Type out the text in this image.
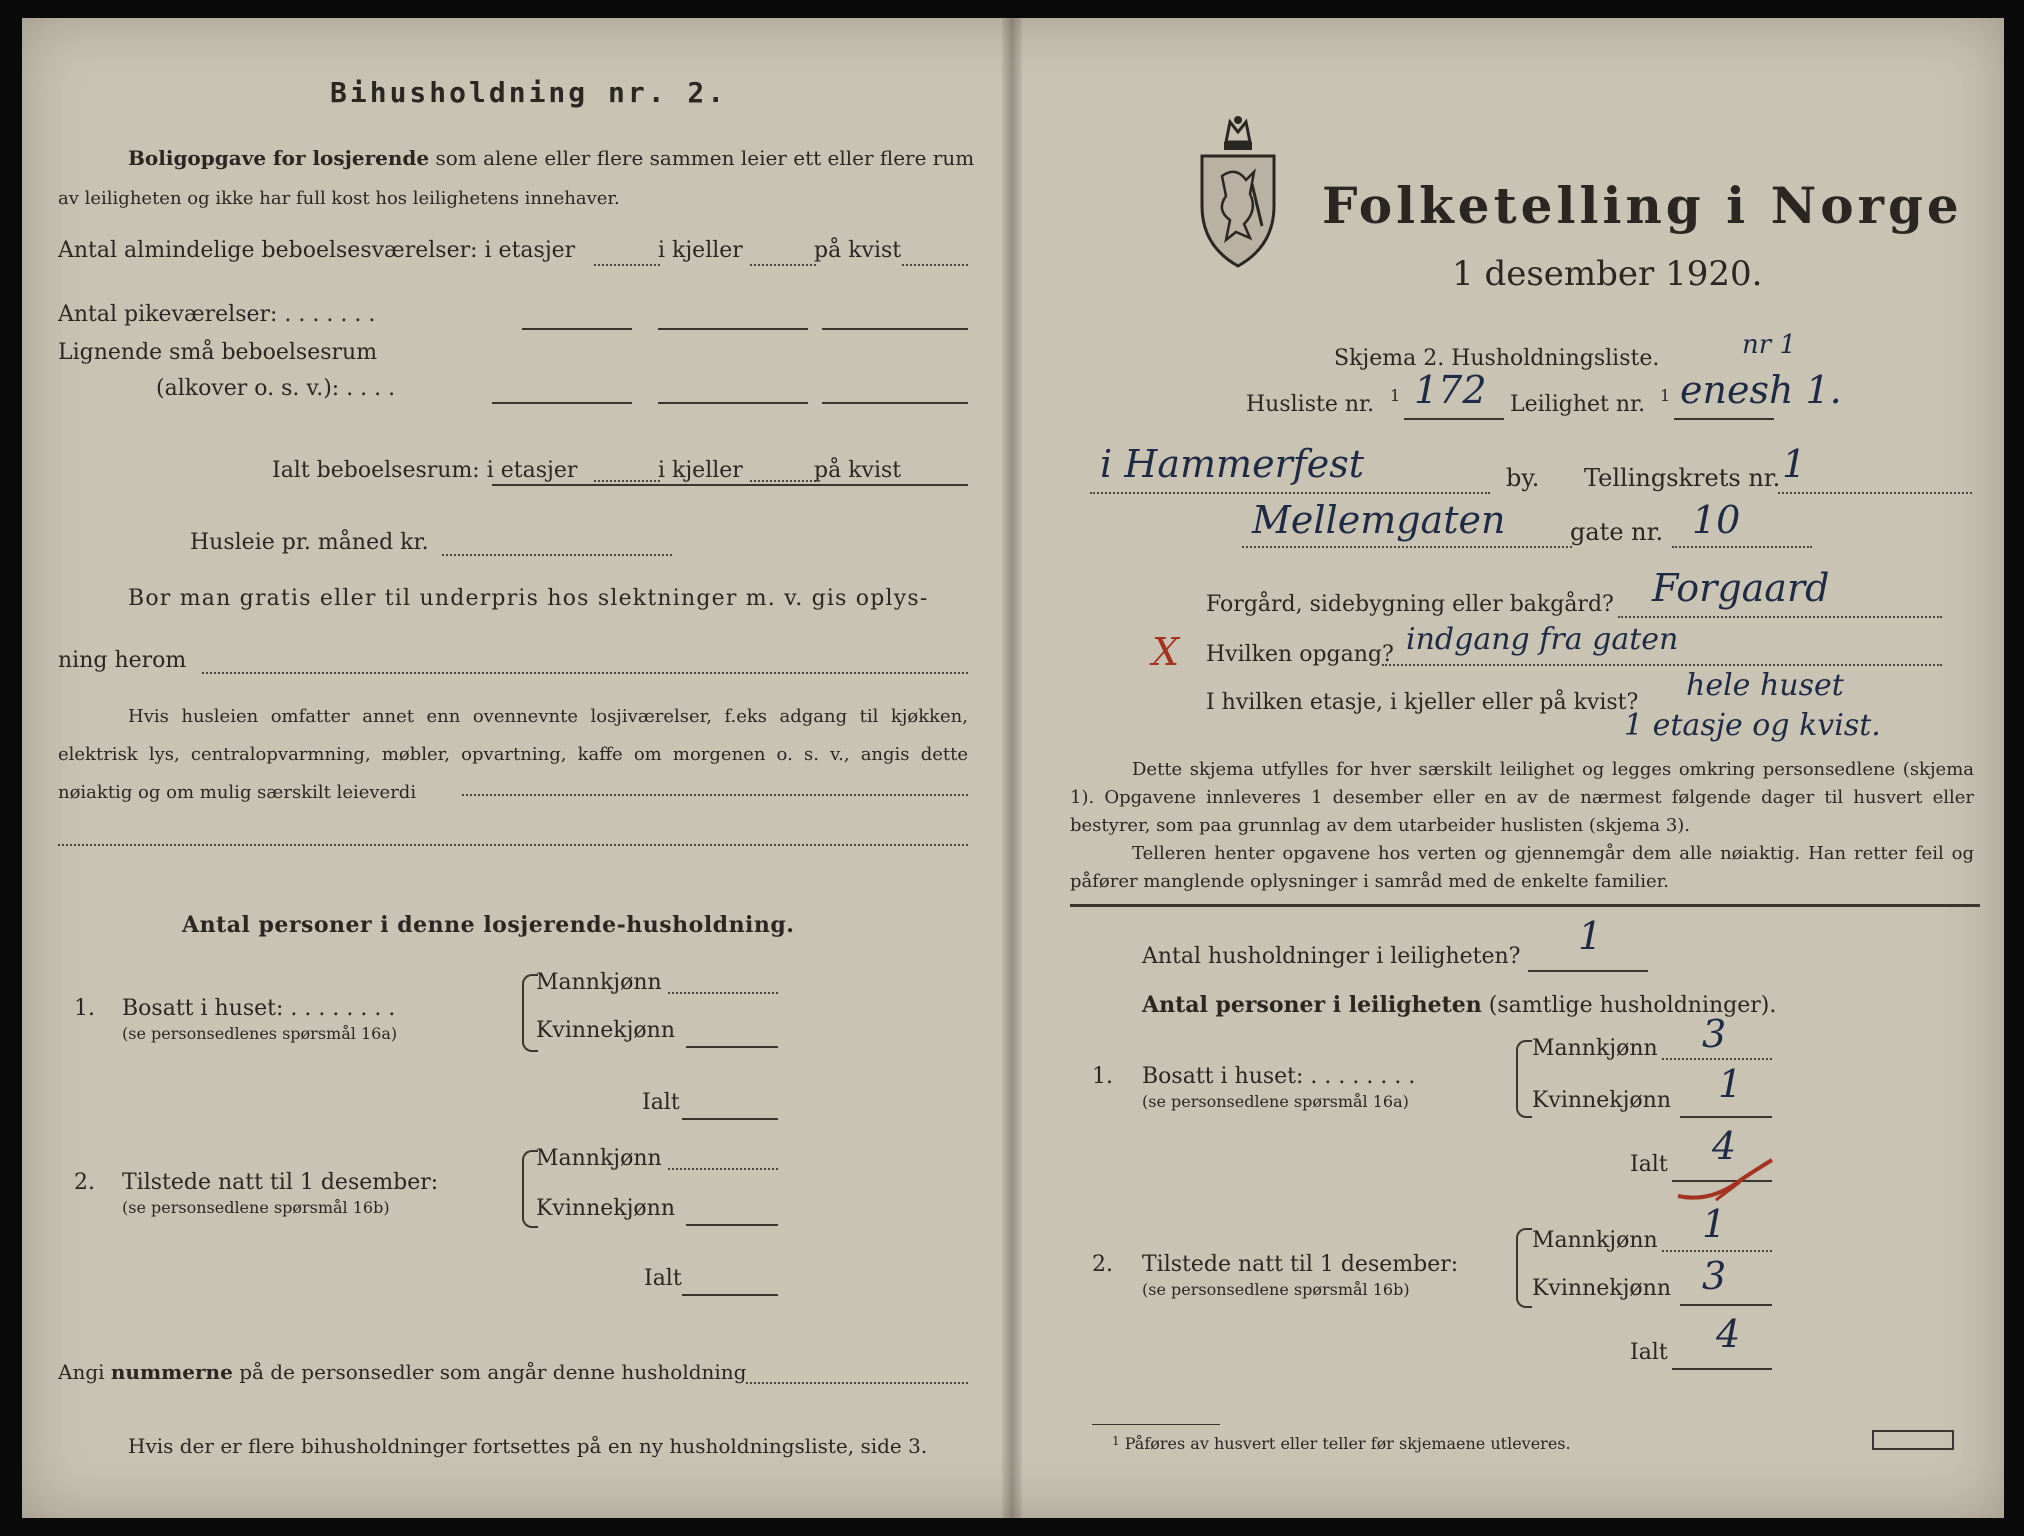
Bihusholdning nr. 2.
Boligopgave for losjerende som alene eller flere sammen leier ett eller flere rum
av leiligheten og ikke har full kost hos leilighetens innehaver.
Antal almindelige beboelsesværelser: i etasjer	i kjeller	på kvist
Antal pikeværelser: . . . . . . .
Lignende små beboelsesrum
(alkover o. s. v.): . . . .
Ialt beboelsesrum: i etasjer	i kjeller	på kvist
Husleie pr. måned kr.
Bor man gratis eller til underpris hos slektninger m. v. gis oplys-
ning herom
Hvis husleien omfatter annet enn ovennevnte losjiværelser, f.eks adgang til kjøkken, elektrisk lys, centralopvarmning, møbler, opvartning, kaffe om morgenen o. s. v., angis dette nøiaktig og om mulig særskilt leieverdi
Antal personer i denne losjerende-husholdning.
1. Bosatt i huset: . . . . . . . .
(se personsedlenes spørsmål 16a)
Mannkjønn
Kvinnekjønn
Ialt
2. Tilstede natt til 1 desember:
(se personsedlene spørsmål 16b)
Mannkjønn
Kvinnekjønn
Ialt
Angi nummerne på de personsedler som angår denne husholdning
Hvis der er flere bihusholdninger fortsettes på en ny husholdningsliste, side 3.
Folketelling i Norge
1 desember 1920.
Skjema 2. Husholdningsliste.	nr 1
Husliste nr. 1 172 Leilighet nr. 1 enesh 1.
i Hammerfest	by. Tellingskrets nr. 1
Mellemgaten	gate nr. 10
Forgård, sidebygning eller bakgård? Forgaard
X Hvilken opgang? indgang fra gaten
I hvilken etasje, i kjeller eller på kvist? hele huset
1 etasje og kvist.
Dette skjema utfylles for hver særskilt leilighet og legges omkring personsedlene (skjema 1). Opgavene innleveres 1 desember eller en av de nærmest følgende dager til husvert eller bestyrer, som paa grunnlag av dem utarbeider huslisten (skjema 3).
Telleren henter opgavene hos verten og gjennemgår dem alle nøiaktig. Han retter feil og påfører manglende oplysninger i samråd med de enkelte familier.
Antal husholdninger i leiligheten? 1
Antal personer i leiligheten (samtlige husholdninger).
1. Bosatt i huset: . . . . . . . .
(se personsedlene spørsmål 16a)
Mannkjønn 3
Kvinnekjønn 1
Ialt 4
2. Tilstede natt til 1 desember:
(se personsedlene spørsmål 16b)
Mannkjønn 1
Kvinnekjønn 3
Ialt 4
$^1$ Påføres av husvert eller teller før skjemaene utleveres.
